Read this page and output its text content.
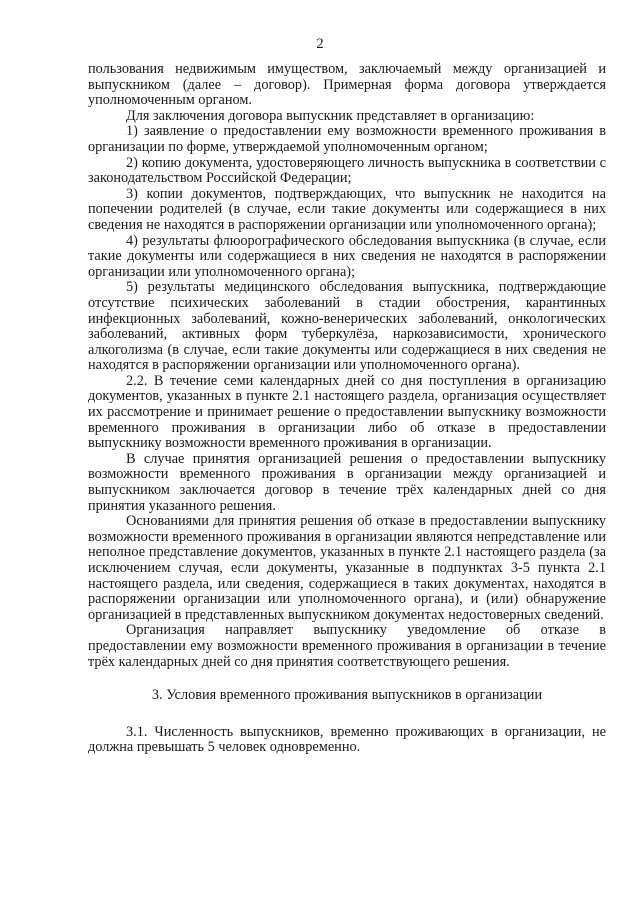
2

пользования недвижимым имуществом, заключаемый между организацией и выпускником (далее – договор). Примерная форма договора утверждается уполномоченным органом.

Для заключения договора выпускник представляет в организацию:

1) заявление о предоставлении ему возможности временного проживания в организации по форме, утверждаемой уполномоченным органом;

2) копию документа, удостоверяющего личность выпускника в соответствии с законодательством Российской Федерации;

3) копии документов, подтверждающих, что выпускник не находится на попечении родителей (в случае, если такие документы или содержащиеся в них сведения не находятся в распоряжении организации или уполномоченного органа);

4) результаты флюорографического обследования выпускника (в случае, если такие документы или содержащиеся в них сведения не находятся в распоряжении организации или уполномоченного органа);

5) результаты медицинского обследования выпускника, подтверждающие отсутствие психических заболеваний в стадии обострения, карантинных инфекционных заболеваний, кожно-венерических заболеваний, онкологических заболеваний, активных форм туберкулёза, наркозависимости, хронического алкоголизма (в случае, если такие документы или содержащиеся в них сведения не находятся в распоряжении организации или уполномоченного органа).

2.2. В течение семи календарных дней со дня поступления в организацию документов, указанных в пункте 2.1 настоящего раздела, организация осуществляет их рассмотрение и принимает решение о предоставлении выпускнику возможности временного проживания в организации либо об отказе в предоставлении выпускнику возможности временного проживания в организации.

В случае принятия организацией решения о предоставлении выпускнику возможности временного проживания в организации между организацией и выпускником заключается договор в течение трёх календарных дней со дня принятия указанного решения.

Основаниями для принятия решения об отказе в предоставлении выпускнику возможности временного проживания в организации являются непредставление или неполное представление документов, указанных в пункте 2.1 настоящего раздела (за исключением случая, если документы, указанные в подпунктах 3-5 пункта 2.1 настоящего раздела, или сведения, содержащиеся в таких документах, находятся в распоряжении организации или уполномоченного органа), и (или) обнаружение организацией в представленных выпускником документах недостоверных сведений.

Организация направляет выпускнику уведомление об отказе в предоставлении ему возможности временного проживания в организации в течение трёх календарных дней со дня принятия соответствующего решения.

3. Условия временного проживания выпускников в организации

3.1. Численность выпускников, временно проживающих в организации, не должна превышать 5 человек одновременно.
